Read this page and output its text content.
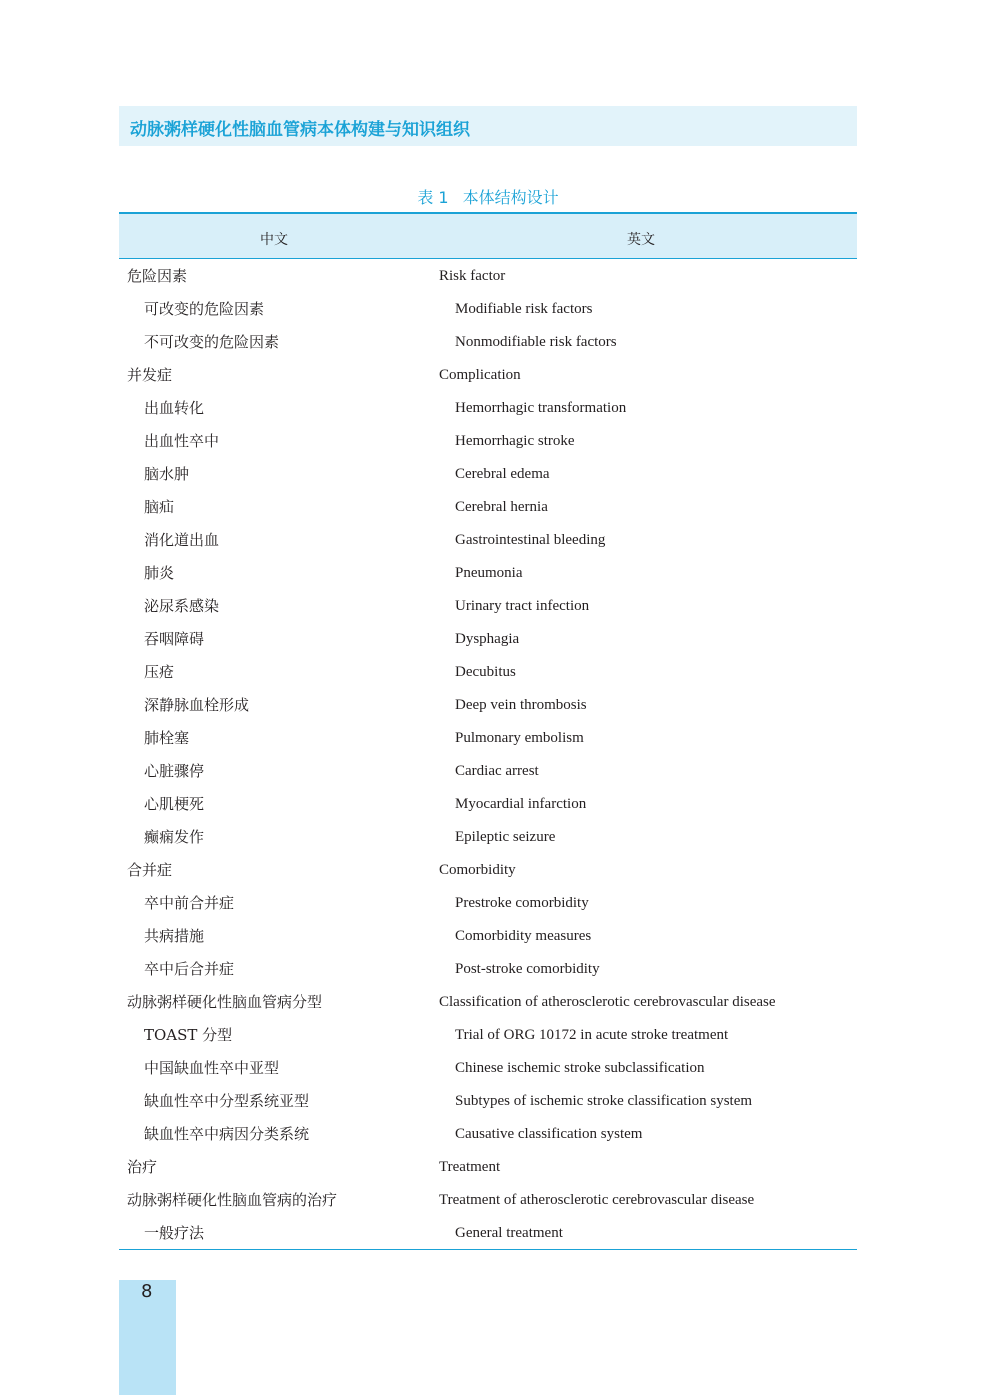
动脉粥样硬化性脑血管病本体构建与知识组织
表 1 本体结构设计
中文	英文
危险因素	Risk factor
可改变的危险因素	Modifiable risk factors
不可改变的危险因素	Nonmodifiable risk factors
并发症	Complication
出血转化	Hemorrhagic transformation
出血性卒中	Hemorrhagic stroke
脑水肿	Cerebral edema
脑疝	Cerebral hernia
消化道出血	Gastrointestinal bleeding
肺炎	Pneumonia
泌尿系感染	Urinary tract infection
吞咽障碍	Dysphagia
压疮	Decubitus
深静脉血栓形成	Deep vein thrombosis
肺栓塞	Pulmonary embolism
心脏骤停	Cardiac arrest
心肌梗死	Myocardial infarction
癫痫发作	Epileptic seizure
合并症	Comorbidity
卒中前合并症	Prestroke comorbidity
共病措施	Comorbidity measures
卒中后合并症	Post-stroke comorbidity
动脉粥样硬化性脑血管病分型	Classification of atherosclerotic cerebrovascular disease
TOAST 分型	Trial of ORG 10172 in acute stroke treatment
中国缺血性卒中亚型	Chinese ischemic stroke subclassification
缺血性卒中分型系统亚型	Subtypes of ischemic stroke classification system
缺血性卒中病因分类系统	Causative classification system
治疗	Treatment
动脉粥样硬化性脑血管病的治疗	Treatment of atherosclerotic cerebrovascular disease
一般疗法	General treatment
8
